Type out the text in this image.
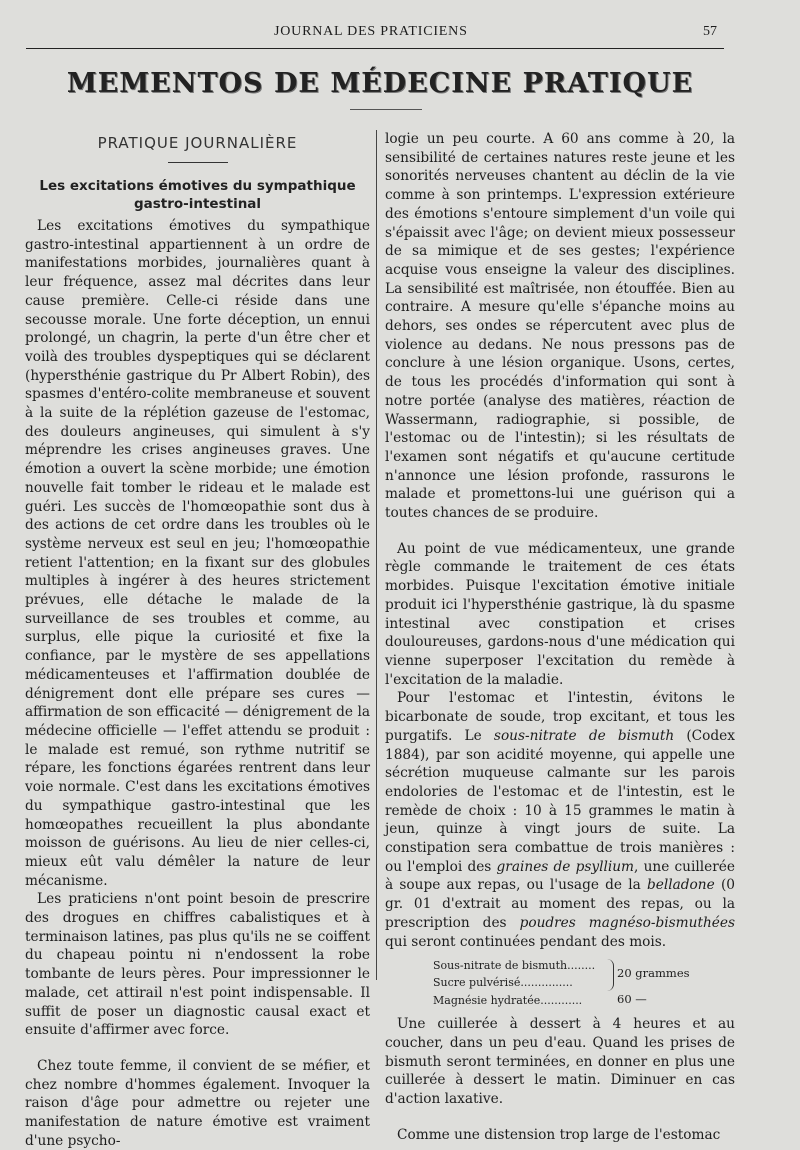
JOURNAL DES PRATICIENS	57
MEMENTOS DE MÉDECINE PRATIQUE
PRATIQUE JOURNALIÈRE
Les excitations émotives du sympathique gastro-intestinal

Les excitations émotives du sympathique gastro-intestinal appartiennent à un ordre de manifestations morbides, journalières quant à leur fréquence, assez mal décrites dans leur cause première. Celle-ci réside dans une secousse morale. Une forte déception, un ennui prolongé, un chagrin, la perte d'un être cher et voilà des troubles dyspeptiques qui se déclarent (hypersthénie gastrique du Pr Albert Robin), des spasmes d'entéro-colite membraneuse et souvent à la suite de la réplétion gazeuse de l'estomac, des douleurs angineuses, qui simulent à s'y méprendre les crises angineuses graves. Une émotion a ouvert la scène morbide; une émotion nouvelle fait tomber le rideau et le malade est guéri. Les succès de l'homœopathie sont dus à des actions de cet ordre dans les troubles où le système nerveux est seul en jeu; l'homœopathie retient l'attention; en la fixant sur des globules multiples à ingérer à des heures strictement prévues, elle détache le malade de la surveillance de ses troubles et comme, au surplus, elle pique la curiosité et fixe la confiance, par le mystère de ses appellations médicamenteuses et l'affirmation doublée de dénigrement dont elle prépare ses cures — affirmation de son efficacité — dénigrement de la médecine officielle — l'effet attendu se produit : le malade est remué, son rythme nutritif se répare, les fonctions égarées rentrent dans leur voie normale. C'est dans les excitations émotives du sympathique gastro-intestinal que les homœopathes recueillent la plus abondante moisson de guérisons. Au lieu de nier celles-ci, mieux eût valu démêler la nature de leur mécanisme.

Les praticiens n'ont point besoin de prescrire des drogues en chiffres cabalistiques et à terminaison latines, pas plus qu'ils ne se coiffent du chapeau pointu ni n'endossent la robe tombante de leurs pères. Pour impressionner le malade, cet attirail n'est point indispensable. Il suffit de poser un diagnostic causal exact et ensuite d'affirmer avec force.

Chez toute femme, il convient de se méfier, et chez nombre d'hommes également. Invoquer la raison d'âge pour admettre ou rejeter une manifestation de nature émotive est vraiment d'une psycho-

logie un peu courte. A 60 ans comme à 20, la sensibilité de certaines natures reste jeune et les sonorités nerveuses chantent au déclin de la vie comme à son printemps. L'expression extérieure des émotions s'entoure simplement d'un voile qui s'épaissit avec l'âge; on devient mieux possesseur de sa mimique et de ses gestes; l'expérience acquise vous enseigne la valeur des disciplines. La sensibilité est maîtrisée, non étouffée. Bien au contraire. A mesure qu'elle s'épanche moins au dehors, ses ondes se répercutent avec plus de violence au dedans. Ne nous pressons pas de conclure à une lésion organique. Usons, certes, de tous les procédés d'information qui sont à notre portée (analyse des matières, réaction de Wassermann, radiographie, si possible, de l'estomac ou de l'intestin); si les résultats de l'examen sont négatifs et qu'aucune certitude n'annonce une lésion profonde, rassurons le malade et promettons-lui une guérison qui a toutes chances de se produire.

Au point de vue médicamenteux, une grande règle commande le traitement de ces états morbides. Puisque l'excitation émotive initiale produit ici l'hypersthénie gastrique, là du spasme intestinal avec constipation et crises douloureuses, gardons-nous d'une médication qui vienne superposer l'excitation du remède à l'excitation de la maladie.

Pour l'estomac et l'intestin, évitons le bicarbonate de soude, trop excitant, et tous les purgatifs. Le sous-nitrate de bismuth (Codex 1884), par son acidité moyenne, qui appelle une sécrétion muqueuse calmante sur les parois endolories de l'estomac et de l'intestin, est le remède de choix : 10 à 15 grammes le matin à jeun, quinze à vingt jours de suite. La constipation sera combattue de trois manières : ou l'emploi des graines de psyllium, une cuillerée à soupe aux repas, ou l'usage de la belladone (0 gr. 01 d'extrait au moment des repas, ou la prescription des poudres magnéso-bismuthées qui seront continuées pendant des mois.

Sous-nitrate de bismuth........
Sucre pulvérisé...............
Magnésie hydratée............
20 grammes
60 —

Une cuillerée à dessert à 4 heures et au coucher, dans un peu d'eau. Quand les prises de bismuth seront terminées, en donner en plus une cuillerée à dessert le matin. Diminuer en cas d'action laxative.

Comme une distension trop large de l'estomac
